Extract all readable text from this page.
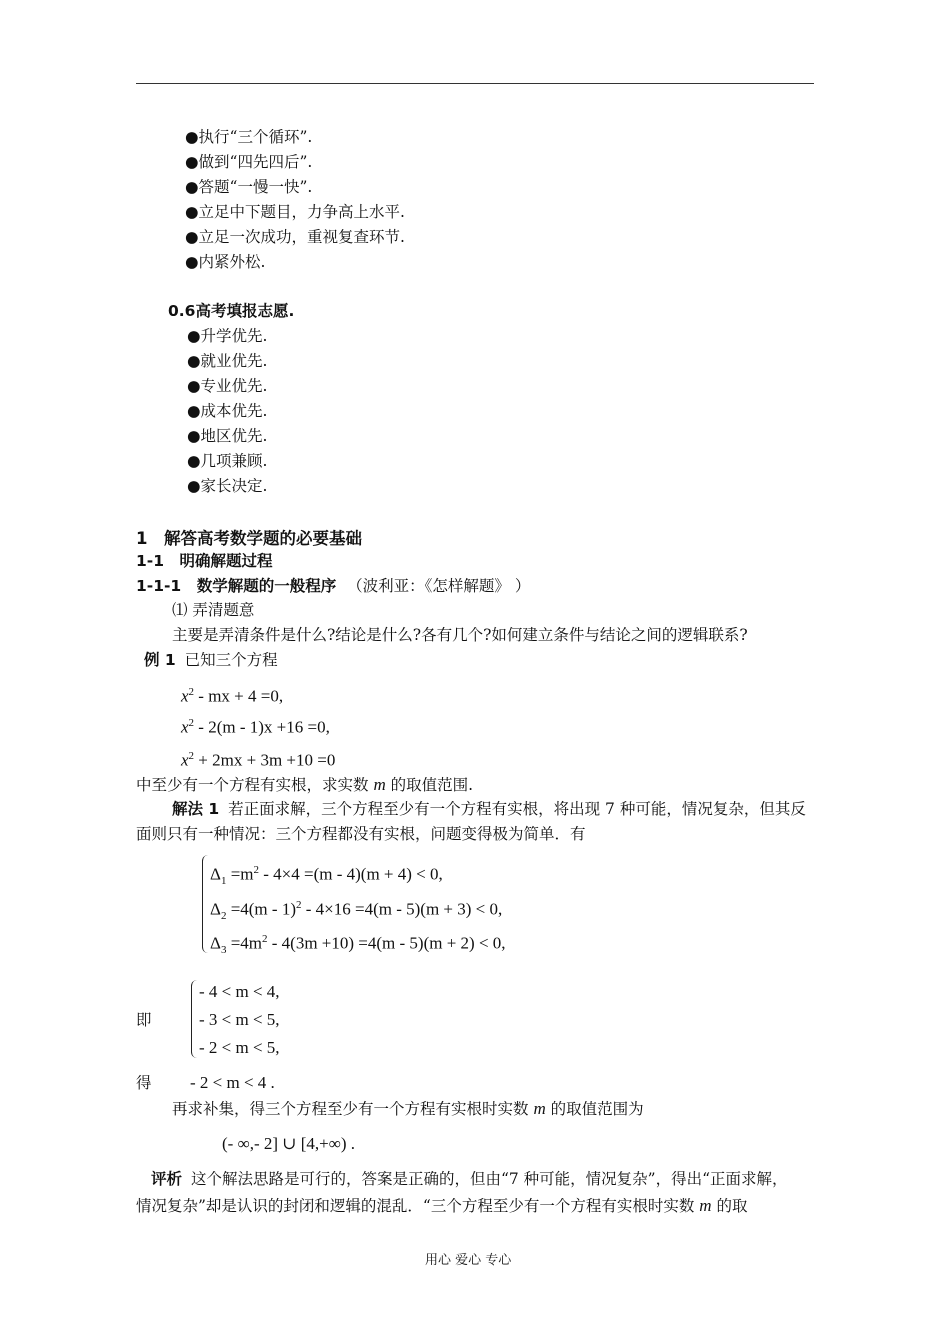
●执行“三个循环”.
●做到“四先四后”.
●答题“一慢一快”.
●立足中下题目，力争高上水平.
●立足一次成功，重视复查环节.
●内紧外松.
0.6高考填报志愿.
●升学优先.
●就业优先.
●专业优先.
●成本优先.
●地区优先.
●几项兼顾.
●家长决定.
1　解答高考数学题的必要基础
1-1　明确解题过程
1-1-1　数学解题的一般程序 （波利亚：《怎样解题》 ）
⑴ 弄清题意
主要是弄清条件是什么?结论是什么?各有几个?如何建立条件与结论之间的逻辑联系?
例 1 已知三个方程
$x^2$ - mx + 4 =0,
$x^2 - 2(m - 1)x +16 =0$,
$x^2 + 2mx + 3m +10 =0$
中至少有一个方程有实根，求实数 m 的取值范围.
解法 1 若正面求解，三个方程至少有一个方程有实根，将出现 7 种可能，情况复杂，但其反
面则只有一种情况：三个方程都没有实根，问题变得极为简单．有
$\Delta_1 =m^2 - 4\times 4 =(m - 4)(m + 4) < 0$,
$\Delta_2 =4(m - 1)^2 - 4\times 16 =4(m - 5)(m + 3) < 0$,
$\Delta_3 =4m^2 - 4(3m +10) =4(m - 5)(m + 2) < 0$,
即
- 4 < m < 4,
- 3 < m < 5,
- 2 < m < 5,
得 - 2 < m < 4 .
再求补集，得三个方程至少有一个方程有实根时实数 m 的取值范围为
(- ∞,- 2] ∪ [4,+∞) .
评析 这个解法思路是可行的，答案是正确的，但由“7 种可能，情况复杂”，得出“正面求解，
情况复杂”却是认识的封闭和逻辑的混乱．“三个方程至少有一个方程有实根时实数 m 的取
用心 爱心 专心
